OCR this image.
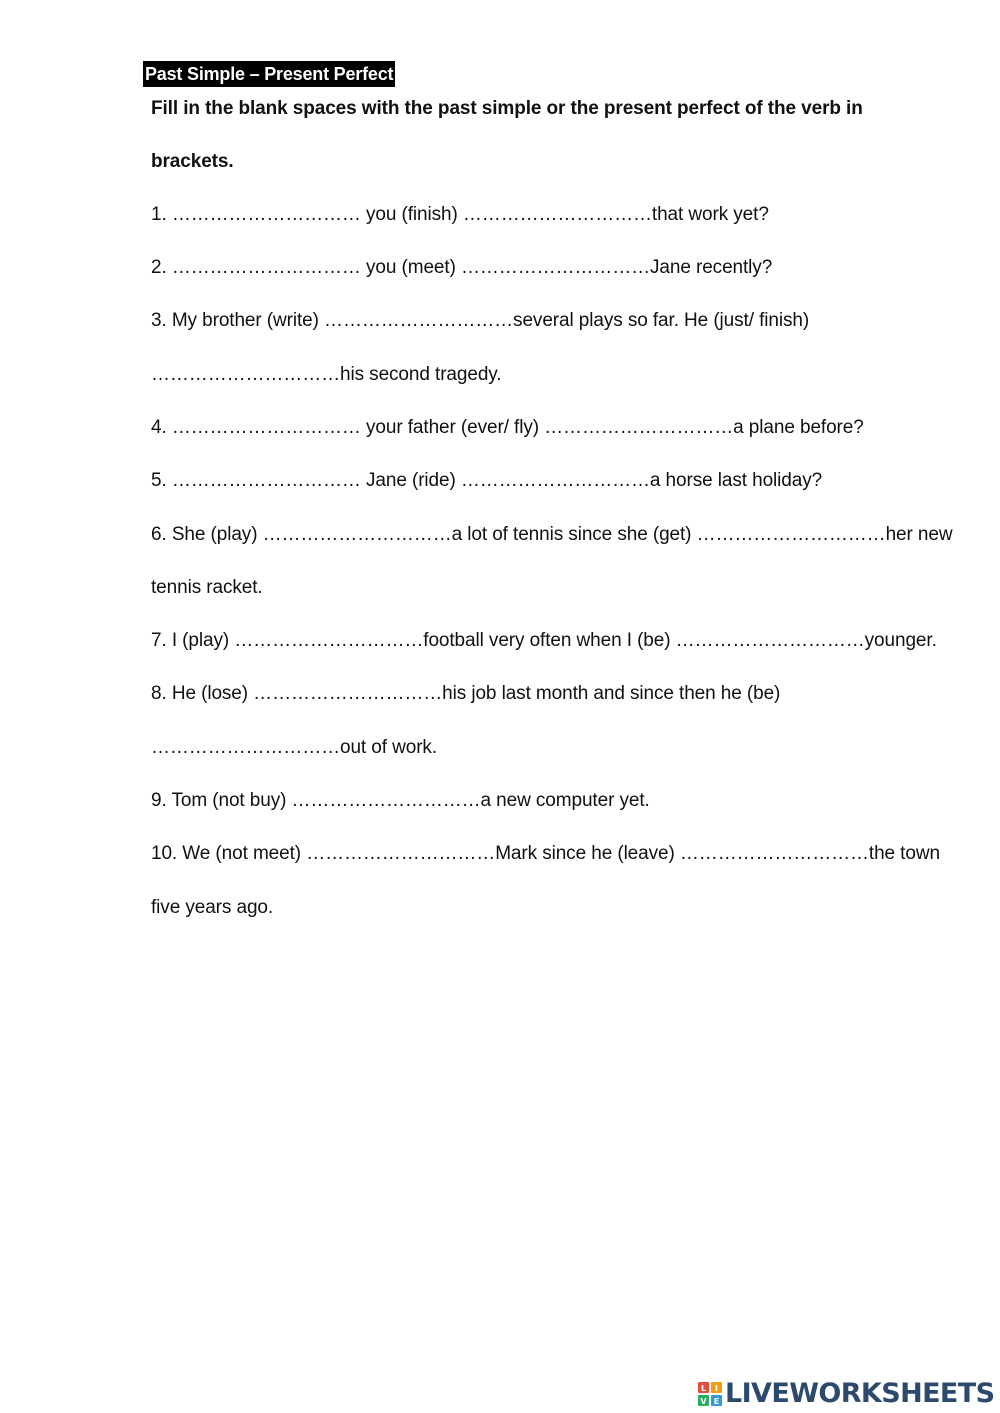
Past Simple – Present Perfect
Fill in the blank spaces with the past simple or the present perfect of the verb in
brackets.
1. ………………………… you (finish) …………………………that work yet?
2. ………………………… you (meet) …………………………Jane recently?
3. My brother (write) …………………………several plays so far. He (just/ finish)
…………………………his second tragedy.
4. ………………………… your father (ever/ fly) …………………………a plane before?
5. ………………………… Jane (ride) …………………………a horse last holiday?
6. She (play) …………………………a lot of tennis since she (get) …………………………her new
tennis racket.
7. I (play) …………………………football very often when I (be) …………………………younger.
8. He (lose) …………………………his job last month and since then he (be)
…………………………out of work.
9. Tom (not buy) …………………………a new computer yet.
10. We (not meet) …………………………Mark since he (leave) …………………………the town
five years ago.
L I
V E LIVEWORKSHEETS
